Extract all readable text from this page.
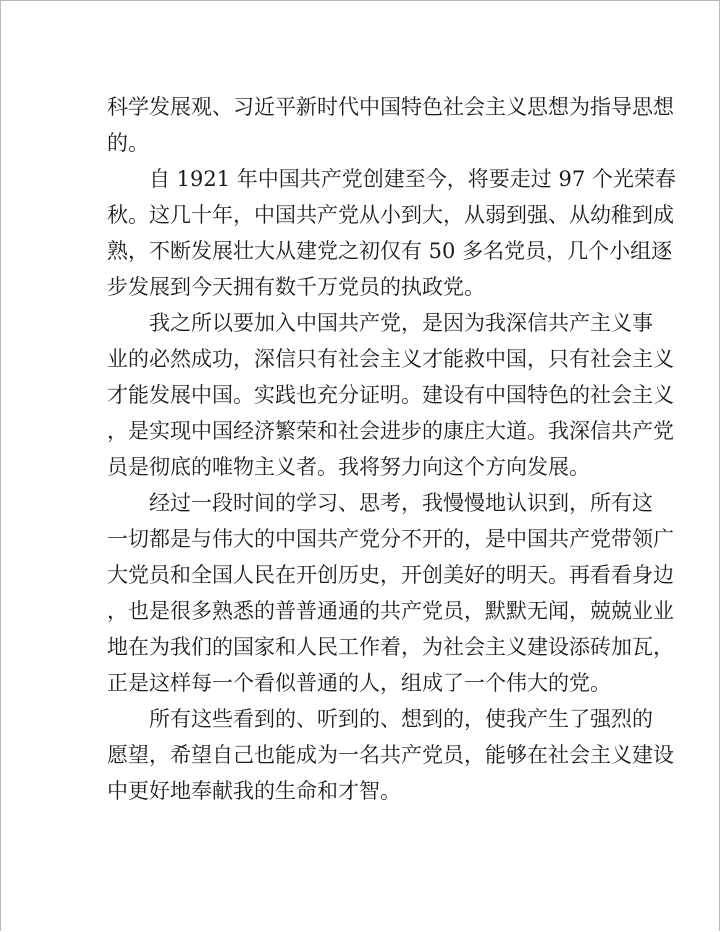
科学发展观、习近平新时代中国特色社会主义思想为指导思想
的。

自 1921 年中国共产党创建至今，将要走过 97 个光荣春
秋。这几十年，中国共产党从小到大，从弱到强、从幼稚到成
熟，不断发展壮大从建党之初仅有 50 多名党员，几个小组逐
步发展到今天拥有数千万党员的执政党。

我之所以要加入中国共产党，是因为我深信共产主义事
业的必然成功，深信只有社会主义才能救中国，只有社会主义
才能发展中国。实践也充分证明。建设有中国特色的社会主义
，是实现中国经济繁荣和社会进步的康庄大道。我深信共产党
员是彻底的唯物主义者。我将努力向这个方向发展。

经过一段时间的学习、思考，我慢慢地认识到，所有这
一切都是与伟大的中国共产党分不开的，是中国共产党带领广
大党员和全国人民在开创历史，开创美好的明天。再看看身边
，也是很多熟悉的普普通通的共产党员，默默无闻，兢兢业业
地在为我们的国家和人民工作着，为社会主义建设添砖加瓦，
正是这样每一个看似普通的人，组成了一个伟大的党。

所有这些看到的、听到的、想到的，使我产生了强烈的
愿望，希望自己也能成为一名共产党员，能够在社会主义建设
中更好地奉献我的生命和才智。
